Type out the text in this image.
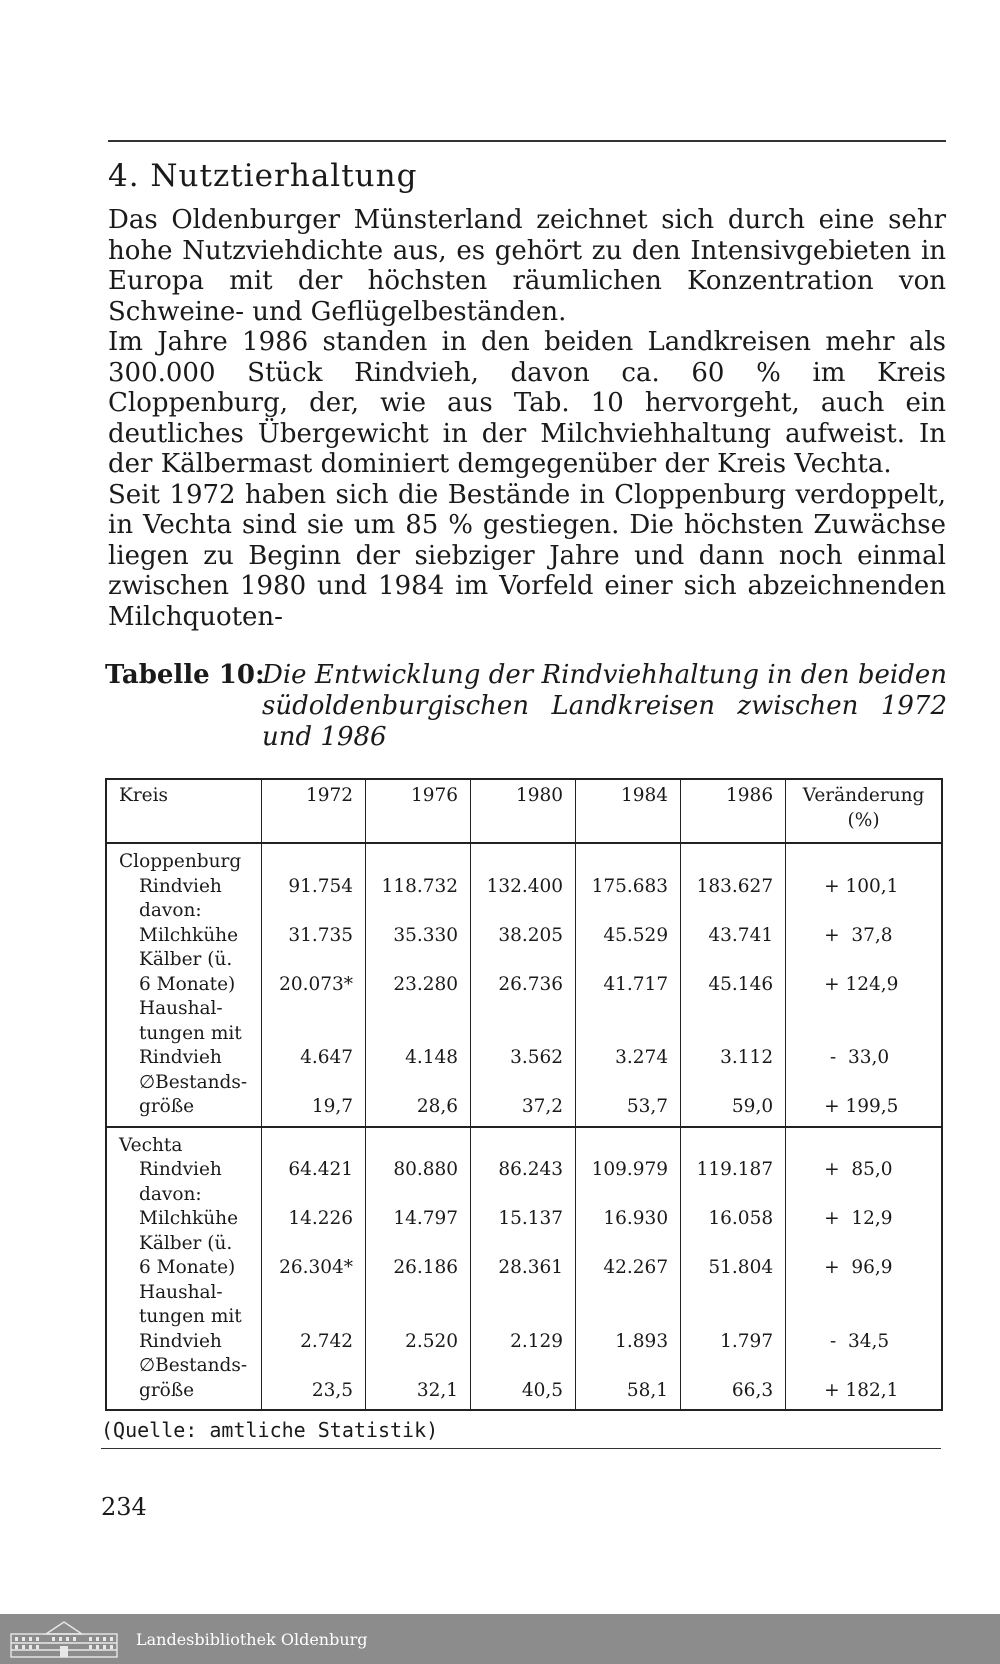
4. Nutztierhaltung

Das Oldenburger Münsterland zeichnet sich durch eine sehr hohe Nutzviehdichte aus, es gehört zu den Intensivgebieten in Europa mit der höchsten räumlichen Konzentration von Schweine- und Geflügelbeständen.

Im Jahre 1986 standen in den beiden Landkreisen mehr als 300.000 Stück Rindvieh, davon ca. 60 % im Kreis Cloppenburg, der, wie aus Tab. 10 hervorgeht, auch ein deutliches Übergewicht in der Milchviehhaltung aufweist. In der Kälbermast dominiert demgegenüber der Kreis Vechta.

Seit 1972 haben sich die Bestände in Cloppenburg verdoppelt, in Vechta sind sie um 85 % gestiegen. Die höchsten Zuwächse liegen zu Beginn der siebziger Jahre und dann noch einmal zwischen 1980 und 1984 im Vorfeld einer sich abzeichnenden Milchquoten-

Tabelle 10:
Die Entwicklung der Rindviehhaltung in den beiden südoldenburgischen Landkreisen zwischen 1972 und 1986
Kreis	1972	1976	1980	1984	1986	Veränderung
(%)
Cloppenburg						

Rindvieh	91.754	118.732	132.400	175.683	183.627	+ 100,1

davon:
Milchkühe	31.735	35.330	38.205	45.529	43.741	+  37,8

Kälber (ü.
6 Monate)	20.073*	23.280	26.736	41.717	45.146	+ 124,9

Haushal-
tungen mit
Rindvieh	4.647	4.148	3.562	3.274	3.112	-  33,0

∅Bestands-
größe	19,7	28,6	37,2	53,7	59,0	+ 199,5
Vechta						

Rindvieh	64.421	80.880	86.243	109.979	119.187	+  85,0

davon:
Milchkühe	14.226	14.797	15.137	16.930	16.058	+  12,9

Kälber (ü.
6 Monate)	26.304*	26.186	28.361	42.267	51.804	+  96,9

Haushal-
tungen mit
Rindvieh	2.742	2.520	2.129	1.893	1.797	-  34,5

∅Bestands-
größe	23,5	32,1	40,5	58,1	66,3	+ 182,1
(Quelle: amtliche Statistik)
234
Landesbibliothek Oldenburg
